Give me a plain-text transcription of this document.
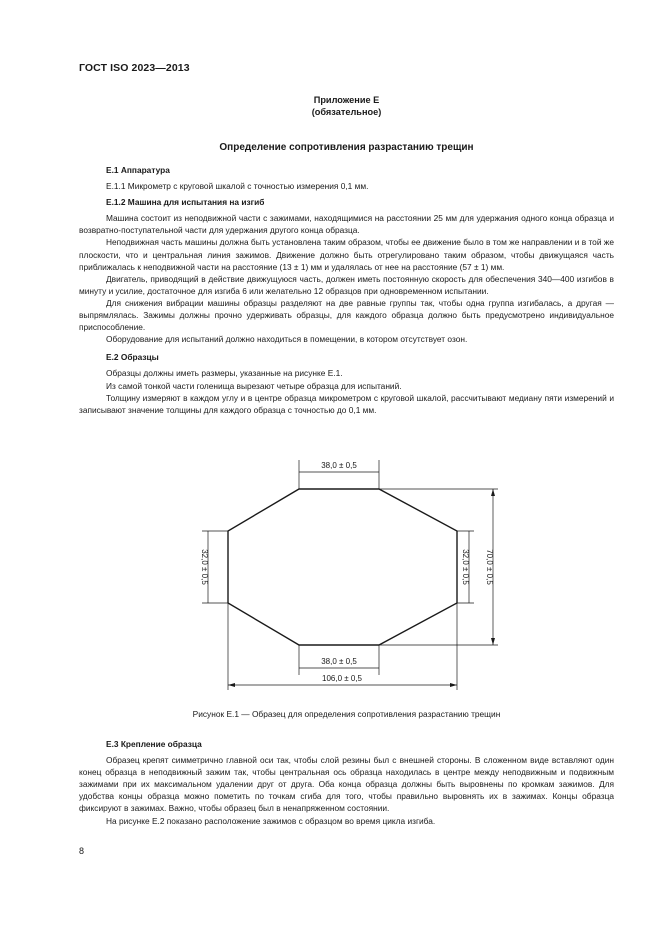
ГОСТ ISO 2023—2013
Приложение Е
(обязательное)
Определение сопротивления разрастанию трещин

Е.1 Аппаратура

Е.1.1 Микрометр с круговой шкалой с точностью измерения 0,1 мм.

Е.1.2 Машина для испытания на изгиб

Машина состоит из неподвижной части с зажимами, находящимися на расстоянии 25 мм для удержания одного конца образца и возвратно-поступательной части для удержания другого конца образца.

Неподвижная часть машины должна быть установлена таким образом, чтобы ее движение было в том же направлении и в той же плоскости, что и центральная линия зажимов. Движение должно быть отрегулировано таким образом, чтобы движущаяся часть приближалась к неподвижной части на расстояние (13 ± 1) мм и удалялась от нее на расстояние (57 ± 1) мм.

Двигатель, приводящий в действие движущуюся часть, должен иметь постоянную скорость для обеспечения 340—400 изгибов в минуту и усилие, достаточное для изгиба 6 или желательно 12 образцов при одновременном испытании.

Для снижения вибрации машины образцы разделяют на две равные группы так, чтобы одна группа изгибалась, а другая — выпрямлялась. Зажимы должны прочно удерживать образцы, для каждого образца должно быть предусмотрено индивидуальное приспособление.

Оборудование для испытаний должно находиться в помещении, в котором отсутствует озон.

Е.2 Образцы

Образцы должны иметь размеры, указанные на рисунке Е.1.

Из самой тонкой части голенища вырезают четыре образца для испытаний.

Толщину измеряют в каждом углу и в центре образца микрометром с круговой шкалой, рассчитывают медиану пяти измерений и записывают значение толщины для каждого образца с точностью до 0,1 мм.

38,0 ± 0,5
38,0 ± 0,5
106,0 ± 0,5
32,0 ± 0,5	32,0 ± 0,5 70,0 ± 0,5
Рисунок Е.1 — Образец для определения сопротивления разрастанию трещин

Е.3 Крепление образца

Образец крепят симметрично главной оси так, чтобы слой резины был с внешней стороны. В сложенном виде вставляют один конец образца в неподвижный зажим так, чтобы центральная ось образца находилась в центре между неподвижным и подвижным зажимами при их максимальном удалении друг от друга. Оба конца образца должны быть выровнены по кромкам зажимов. Для удобства концы образца можно пометить по точкам сгиба для того, чтобы правильно выровнять их в зажимах. Концы образца фиксируют в зажимах. Важно, чтобы образец был в ненапряженном состоянии.

На рисунке Е.2 показано расположение зажимов с образцом во время цикла изгиба.

8
